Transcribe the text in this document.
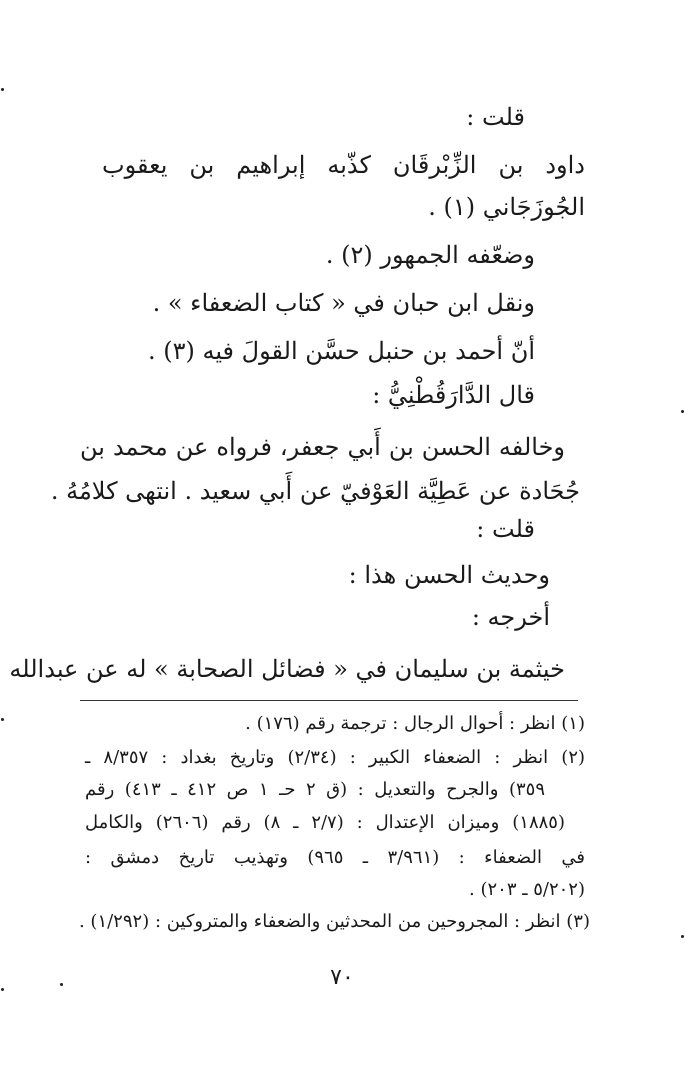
قلت :
داود بن الزِّبْرقَان كذّبه إبراهيم بن يعقوب
الجُوزَجَاني (١) .
وضعّفه الجمهور (٢) .
ونقل ابن حبان في « كتاب الضعفاء » .
أنّ أحمد بن حنبل حسَّن القولَ فيه (٣) .
قال الدَّارَقُطْنِيُّ :
وخالفه الحسن بن أَبي جعفر، فرواه عن محمد بن
جُحَادة عن عَطِيَّة العَوْفيّ عن أَبي سعيد . انتهى كلامُهُ .
قلت :
وحديث الحسن هذا :
أخرجه :
خيثمة بن سليمان في « فضائل الصحابة » له عن عبدالله
(١) انظر : أحوال الرجال : ترجمة رقم (١٧٦) .
(٢) انظر : الضعفاء الكبير : (٢/٣٤) وتاريخ بغداد : ٨/٣٥٧ ـ
٣٥٩) والجرح والتعديل : (ق ٢ حـ ١ ص ٤١٢ ـ ٤١٣) رقم
(١٨٨٥) وميزان الإعتدال : (٢/٧ ـ ٨) رقم (٢٦٠٦) والكامل
في الضعفاء : (٣/٩٦١ ـ ٩٦٥) وتهذيب تاريخ دمشق :
(٥/٢٠٢ ـ ٢٠٣) .
(٣) انظر : المجروحين من المحدثين والضعفاء والمتروكين : (١/٢٩٢) .
٧٠
